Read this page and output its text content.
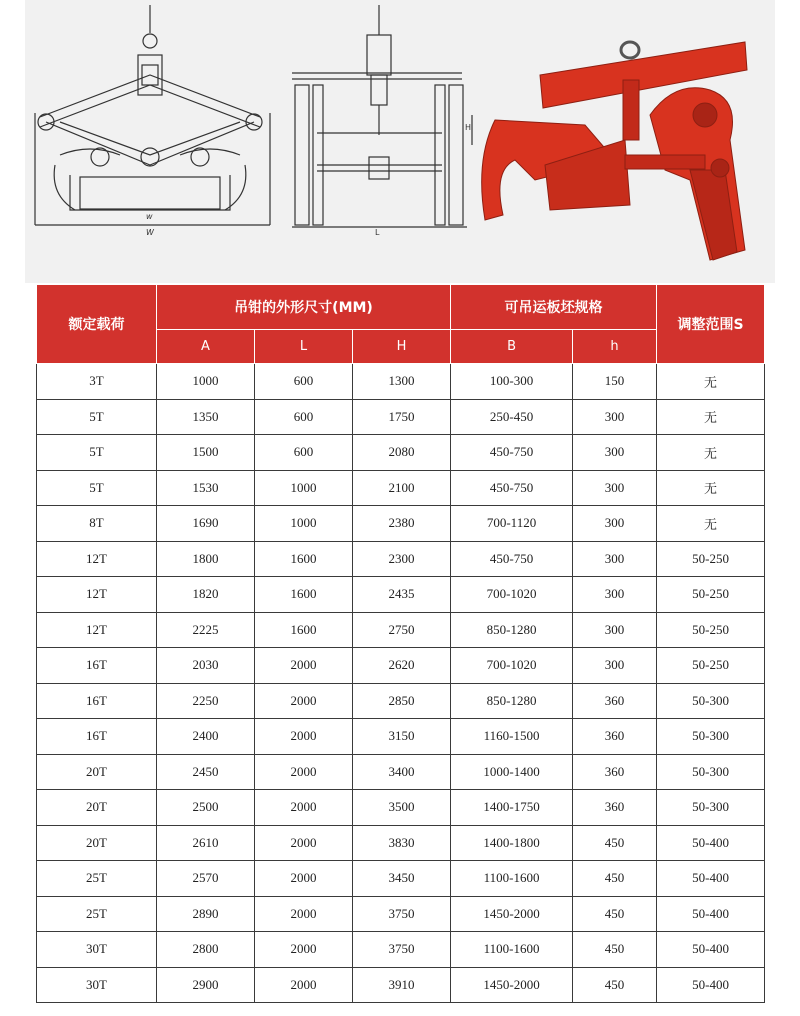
w
W
H
L
额定载荷	吊钳的外形尺寸(MM)			可吊运板坯规格		调整范围S
	A	L	H	B	h	
3T	1000	600	1300	100-300	150	无
5T	1350	600	1750	250-450	300	无
5T	1500	600	2080	450-750	300	无
5T	1530	1000	2100	450-750	300	无
8T	1690	1000	2380	700-1120	300	无
12T	1800	1600	2300	450-750	300	50-250
12T	1820	1600	2435	700-1020	300	50-250
12T	2225	1600	2750	850-1280	300	50-250
16T	2030	2000	2620	700-1020	300	50-250
16T	2250	2000	2850	850-1280	360	50-300
16T	2400	2000	3150	1160-1500	360	50-300
20T	2450	2000	3400	1000-1400	360	50-300
20T	2500	2000	3500	1400-1750	360	50-300
20T	2610	2000	3830	1400-1800	450	50-400
25T	2570	2000	3450	1100-1600	450	50-400
25T	2890	2000	3750	1450-2000	450	50-400
30T	2800	2000	3750	1100-1600	450	50-400
30T	2900	2000	3910	1450-2000	450	50-400
